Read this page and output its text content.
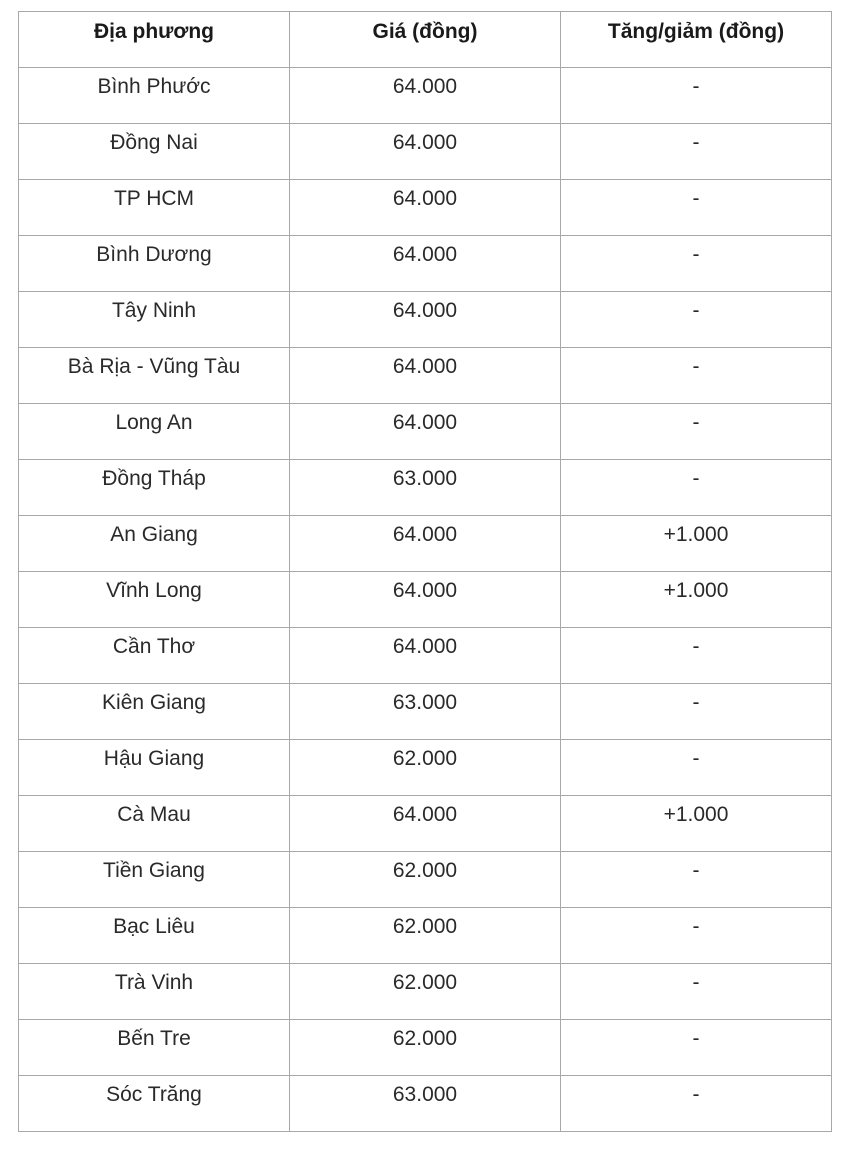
Địa phương	Giá (đồng)	Tăng/giảm (đồng)
Bình Phước	64.000	-
Đồng Nai	64.000	-
TP HCM	64.000	-
Bình Dương	64.000	-
Tây Ninh	64.000	-
Bà Rịa - Vũng Tàu	64.000	-
Long An	64.000	-
Đồng Tháp	63.000	-
An Giang	64.000	+1.000
Vĩnh Long	64.000	+1.000
Cần Thơ	64.000	-
Kiên Giang	63.000	-
Hậu Giang	62.000	-
Cà Mau	64.000	+1.000
Tiền Giang	62.000	-
Bạc Liêu	62.000	-
Trà Vinh	62.000	-
Bến Tre	62.000	-
Sóc Trăng	63.000	-
